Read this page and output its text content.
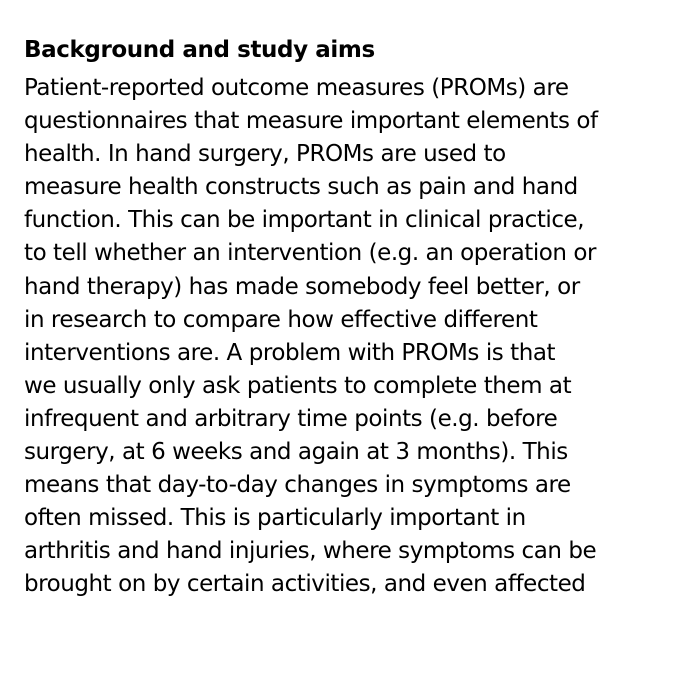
Background and study aims

Patient-reported outcome measures (PROMs) are
questionnaires that measure important elements of
health. In hand surgery, PROMs are used to
measure health constructs such as pain and hand
function. This can be important in clinical practice,
to tell whether an intervention (e.g. an operation or
hand therapy) has made somebody feel better, or
in research to compare how effective different
interventions are. A problem with PROMs is that
we usually only ask patients to complete them at
infrequent and arbitrary time points (e.g. before
surgery, at 6 weeks and again at 3 months). This
means that day-to-day changes in symptoms are
often missed. This is particularly important in
arthritis and hand injuries, where symptoms can be
brought on by certain activities, and even affected
